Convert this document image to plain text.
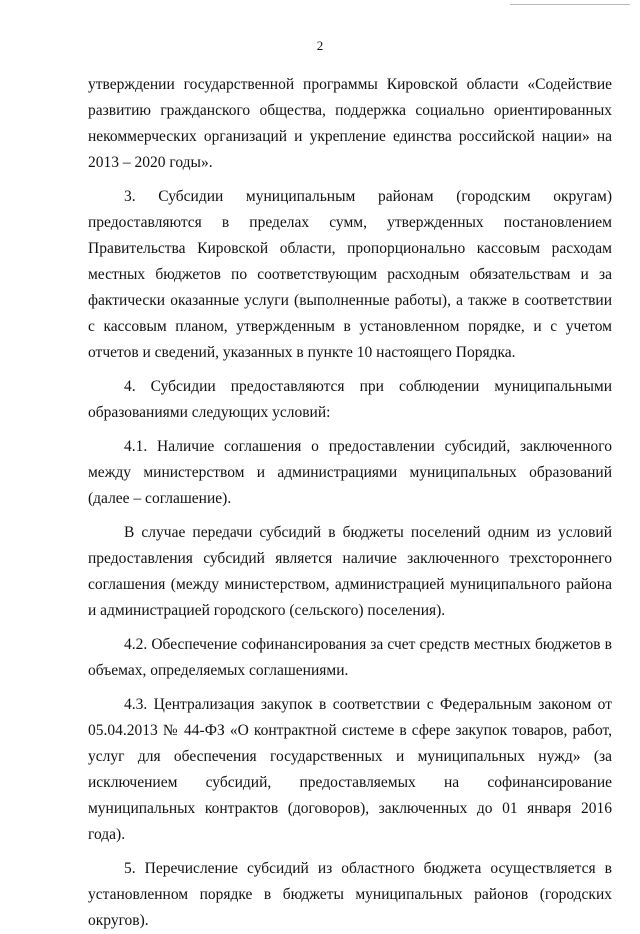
2

утверждении государственной программы Кировской области «Содействие развитию гражданского общества, поддержка социально ориентированных некоммерческих организаций и укрепление единства российской нации» на 2013 – 2020 годы».

3. Субсидии муниципальным районам (городским округам) предоставляются в пределах сумм, утвержденных постановлением Правительства Кировской области, пропорционально кассовым расходам местных бюджетов по соответствующим расходным обязательствам и за фактически оказанные услуги (выполненные работы), а также в соответствии с кассовым планом, утвержденным в установленном порядке, и с учетом отчетов и сведений, указанных в пункте 10 настоящего Порядка.

4. Субсидии предоставляются при соблюдении муниципальными образованиями следующих условий:

4.1. Наличие соглашения о предоставлении субсидий, заключенного между министерством и администрациями муниципальных образований (далее – соглашение).

В случае передачи субсидий в бюджеты поселений одним из условий предоставления субсидий является наличие заключенного трехстороннего соглашения (между министерством, администрацией муниципального района и администрацией городского (сельского) поселения).

4.2. Обеспечение софинансирования за счет средств местных бюджетов в объемах, определяемых соглашениями.

4.3. Централизация закупок в соответствии с Федеральным законом от 05.04.2013 № 44-ФЗ «О контрактной системе в сфере закупок товаров, работ, услуг для обеспечения государственных и муниципальных нужд» (за исключением субсидий, предоставляемых на софинансирование муниципальных контрактов (договоров), заключенных до 01 января 2016 года).

5. Перечисление субсидий из областного бюджета осуществляется в установленном порядке в бюджеты муниципальных районов (городских округов).
